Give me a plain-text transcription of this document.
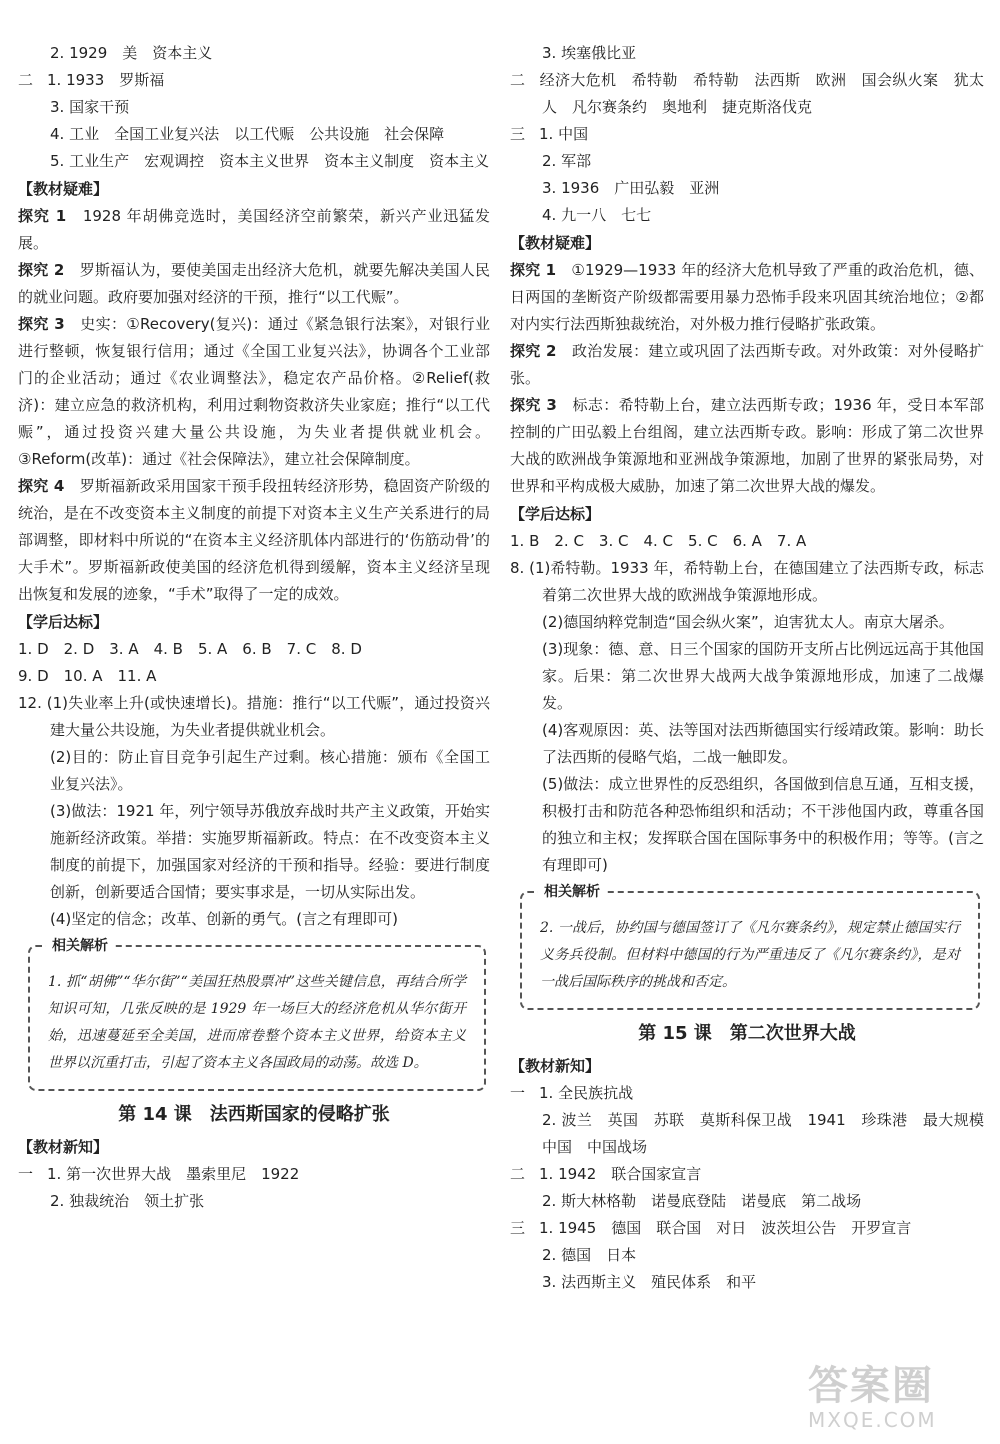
2. 1929　美　资本主义
二 1. 1933　罗斯福
3. 国家干预
4. 工业　全国工业复兴法　以工代赈　公共设施　社会保障
5. 工业生产　宏观调控　资本主义世界　资本主义制度　资本主义
【教材疑难】
探究 1　 1928 年胡佛竞选时，美国经济空前繁荣，新兴产业迅猛发展。
探究 2　 罗斯福认为，要使美国走出经济大危机，就要先解决美国人民的就业问题。政府要加强对经济的干预，推行“以工代赈”。
探究 3　 史实：①Recovery(复兴)：通过《紧急银行法案》，对银行业进行整顿，恢复银行信用；通过《全国工业复兴法》，协调各个工业部门的企业活动；通过《农业调整法》，稳定农产品价格。②Relief(救济)：建立应急的救济机构，利用过剩物资救济失业家庭；推行“以工代赈”，通过投资兴建大量公共设施，为失业者提供就业机会。③Reform(改革)：通过《社会保障法》，建立社会保障制度。
探究 4　 罗斯福新政采用国家干预手段扭转经济形势，稳固资产阶级的统治，是在不改变资本主义制度的前提下对资本主义生产关系进行的局部调整，即材料中所说的“在资本主义经济肌体内部进行的‘伤筋动骨’的大手术”。罗斯福新政使美国的经济危机得到缓解，资本主义经济呈现出恢复和发展的迹象，“手术”取得了一定的成效。
【学后达标】
1. D　2. D　3. A　4. B　5. A　6. B　7. C　8. D
9. D　10. A　11. A
12. (1)失业率上升(或快速增长)。措施：推行“以工代赈”，通过投资兴建大量公共设施，为失业者提供就业机会。
(2)目的：防止盲目竞争引起生产过剩。核心措施：颁布《全国工业复兴法》。
(3)做法：1921 年，列宁领导苏俄放弃战时共产主义政策，开始实施新经济政策。举措：实施罗斯福新政。特点：在不改变资本主义制度的前提下，加强国家对经济的干预和指导。经验：要进行制度创新，创新要适合国情；要实事求是，一切从实际出发。
(4)坚定的信念；改革、创新的勇气。(言之有理即可)
相关解析
1. 抓“胡佛”“华尔街”“美国狂热股票冲”这些关键信息，再结合所学知识可知，几张反映的是 1929 年一场巨大的经济危机从华尔街开始，迅速蔓延至全美国，进而席卷整个资本主义世界，给资本主义世界以沉重打击，引起了资本主义各国政局的动荡。故选 D。
第 14 课　法西斯国家的侵略扩张
【教材新知】
一 1. 第一次世界大战　墨索里尼　1922
2. 独裁统治　领土扩张
3. 埃塞俄比亚
二 经济大危机　希特勒　希特勒　法西斯　欧洲　国会纵火案　犹太人　凡尔赛条约　奥地利　捷克斯洛伐克
三 1. 中国
2. 军部
3. 1936　广田弘毅　亚洲
4. 九一八　七七
【教材疑难】
探究 1　 ①1929—1933 年的经济大危机导致了严重的政治危机，德、日两国的垄断资产阶级都需要用暴力恐怖手段来巩固其统治地位；②都对内实行法西斯独裁统治，对外极力推行侵略扩张政策。
探究 2　 政治发展：建立或巩固了法西斯专政。对外政策：对外侵略扩张。
探究 3　 标志：希特勒上台，建立法西斯专政；1936 年，受日本军部控制的广田弘毅上台组阁，建立法西斯专政。影响：形成了第二次世界大战的欧洲战争策源地和亚洲战争策源地，加剧了世界的紧张局势，对世界和平构成极大威胁，加速了第二次世界大战的爆发。
【学后达标】
1. B　2. C　3. C　4. C　5. C　6. A　7. A
8. (1)希特勒。1933 年，希特勒上台，在德国建立了法西斯专政，标志着第二次世界大战的欧洲战争策源地形成。
(2)德国纳粹党制造“国会纵火案”，迫害犹太人。南京大屠杀。
(3)现象：德、意、日三个国家的国防开支所占比例远远高于其他国家。后果：第二次世界大战两大战争策源地形成，加速了二战爆发。
(4)客观原因：英、法等国对法西斯德国实行绥靖政策。影响：助长了法西斯的侵略气焰，二战一触即发。
(5)做法：成立世界性的反恐组织，各国做到信息互通，互相支援，积极打击和防范各种恐怖组织和活动；不干涉他国内政，尊重各国的独立和主权；发挥联合国在国际事务中的积极作用；等等。(言之有理即可)
相关解析
2. 一战后，协约国与德国签订了《凡尔赛条约》，规定禁止德国实行义务兵役制。但材料中德国的行为严重违反了《凡尔赛条约》，是对一战后国际秩序的挑战和否定。
第 15 课　第二次世界大战
【教材新知】
一 1. 全民族抗战
2. 波兰　英国　苏联　莫斯科保卫战　1941　珍珠港　最大规模　中国　中国战场
二 1. 1942　联合国家宣言
2. 斯大林格勒　诺曼底登陆　诺曼底　第二战场
三 1. 1945　德国　联合国　对日　波茨坦公告　开罗宣言
2. 德国　日本
3. 法西斯主义　殖民体系　和平
答案圈
MXQE.COM
